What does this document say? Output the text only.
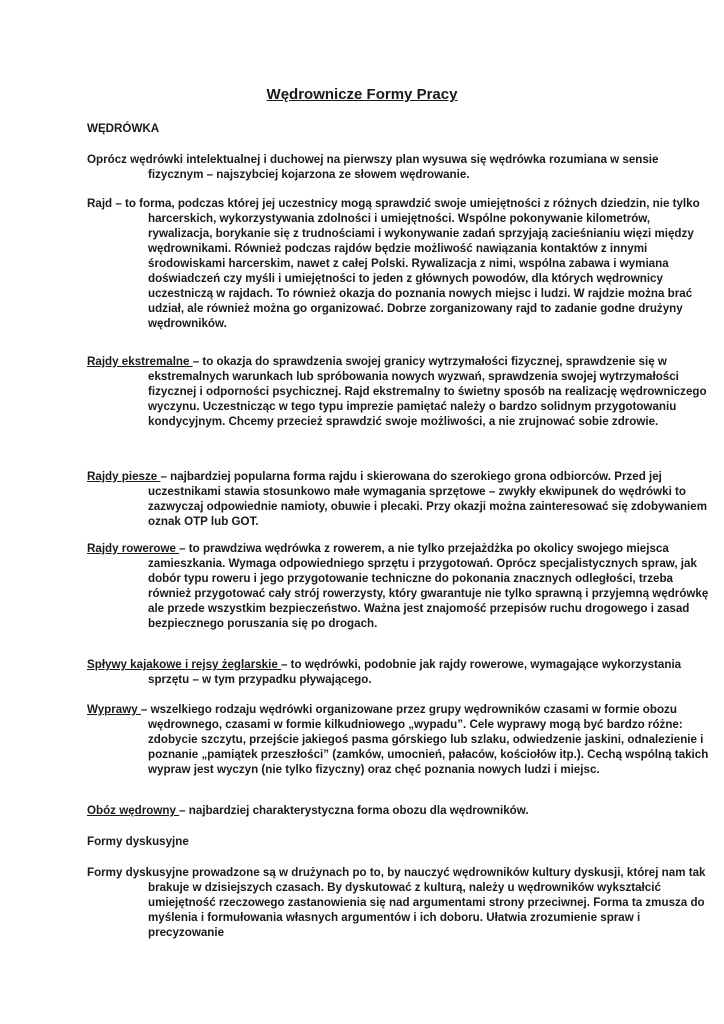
Wędrownicze Formy Pracy
WĘDRÓWKA
Oprócz wędrówki intelektualnej i duchowej na pierwszy plan wysuwa się wędrówka rozumiana w sensie fizycznym – najszybciej kojarzona ze słowem wędrowanie.
Rajd – to forma, podczas której jej uczestnicy mogą sprawdzić swoje umiejętności z różnych dziedzin, nie tylko harcerskich, wykorzystywania zdolności i umiejętności. Wspólne pokonywanie kilometrów, rywalizacja, borykanie się z trudnościami i wykonywanie zadań sprzyjają zacieśnianiu więzi między wędrownikami. Również podczas rajdów będzie możliwość nawiązania kontaktów z innymi środowiskami harcerskim, nawet z całej Polski. Rywalizacja z nimi, wspólna zabawa i wymiana doświadczeń czy myśli i umiejętności to jeden z głównych powodów, dla których wędrownicy uczestniczą w rajdach. To również okazja do poznania nowych miejsc i ludzi. W rajdzie można brać udział, ale również można go organizować. Dobrze zorganizowany rajd to zadanie godne drużyny wędrowników.
Rajdy ekstremalne – to okazja do sprawdzenia swojej granicy wytrzymałości fizycznej, sprawdzenie się w ekstremalnych warunkach lub spróbowania nowych wyzwań, sprawdzenia swojej wytrzymałości fizycznej i odporności psychicznej. Rajd ekstremalny to świetny sposób na realizację wędrowniczego wyczynu. Uczestnicząc w tego typu imprezie pamiętać należy o bardzo solidnym przygotowaniu kondycyjnym. Chcemy przecież sprawdzić swoje możliwości, a nie zrujnować sobie zdrowie.
Rajdy piesze – najbardziej popularna forma rajdu i skierowana do szerokiego grona odbiorców. Przed jej uczestnikami stawia stosunkowo małe wymagania sprzętowe – zwykły ekwipunek do wędrówki to zazwyczaj odpowiednie namioty, obuwie i plecaki. Przy okazji można zainteresować się zdobywaniem oznak OTP lub GOT.
Rajdy rowerowe – to prawdziwa wędrówka z rowerem, a nie tylko przejażdżka po okolicy swojego miejsca zamieszkania. Wymaga odpowiedniego sprzętu i przygotowań. Oprócz specjalistycznych spraw, jak dobór typu roweru i jego przygotowanie techniczne do pokonania znacznych odległości, trzeba również przygotować cały strój rowerzysty, który gwarantuje nie tylko sprawną i przyjemną wędrówkę ale przede wszystkim bezpieczeństwo. Ważna jest znajomość przepisów ruchu drogowego i zasad bezpiecznego poruszania się po drogach.
Spływy kajakowe i rejsy żeglarskie – to wędrówki, podobnie jak rajdy rowerowe, wymagające wykorzystania sprzętu – w tym przypadku pływającego.
Wyprawy – wszelkiego rodzaju wędrówki organizowane przez grupy wędrowników czasami w formie obozu wędrownego, czasami w formie kilkudniowego „wypadu”. Cele wyprawy mogą być bardzo różne: zdobycie szczytu, przejście jakiegoś pasma górskiego lub szlaku, odwiedzenie jaskini, odnalezienie i poznanie „pamiątek przeszłości” (zamków, umocnień, pałaców, kościołów itp.). Cechą wspólną takich wypraw jest wyczyn (nie tylko fizyczny) oraz chęć poznania nowych ludzi i miejsc.
Obóz wędrowny – najbardziej charakterystyczna forma obozu dla wędrowników.
Formy dyskusyjne
Formy dyskusyjne prowadzone są w drużynach po to, by nauczyć wędrowników kultury dyskusji, której nam tak brakuje w dzisiejszych czasach. By dyskutować z kulturą, należy u wędrowników wykształcić umiejętność rzeczowego zastanowienia się nad argumentami strony przeciwnej. Forma ta zmusza do myślenia i formułowania własnych argumentów i ich doboru. Ułatwia zrozumienie spraw i precyzowanie
